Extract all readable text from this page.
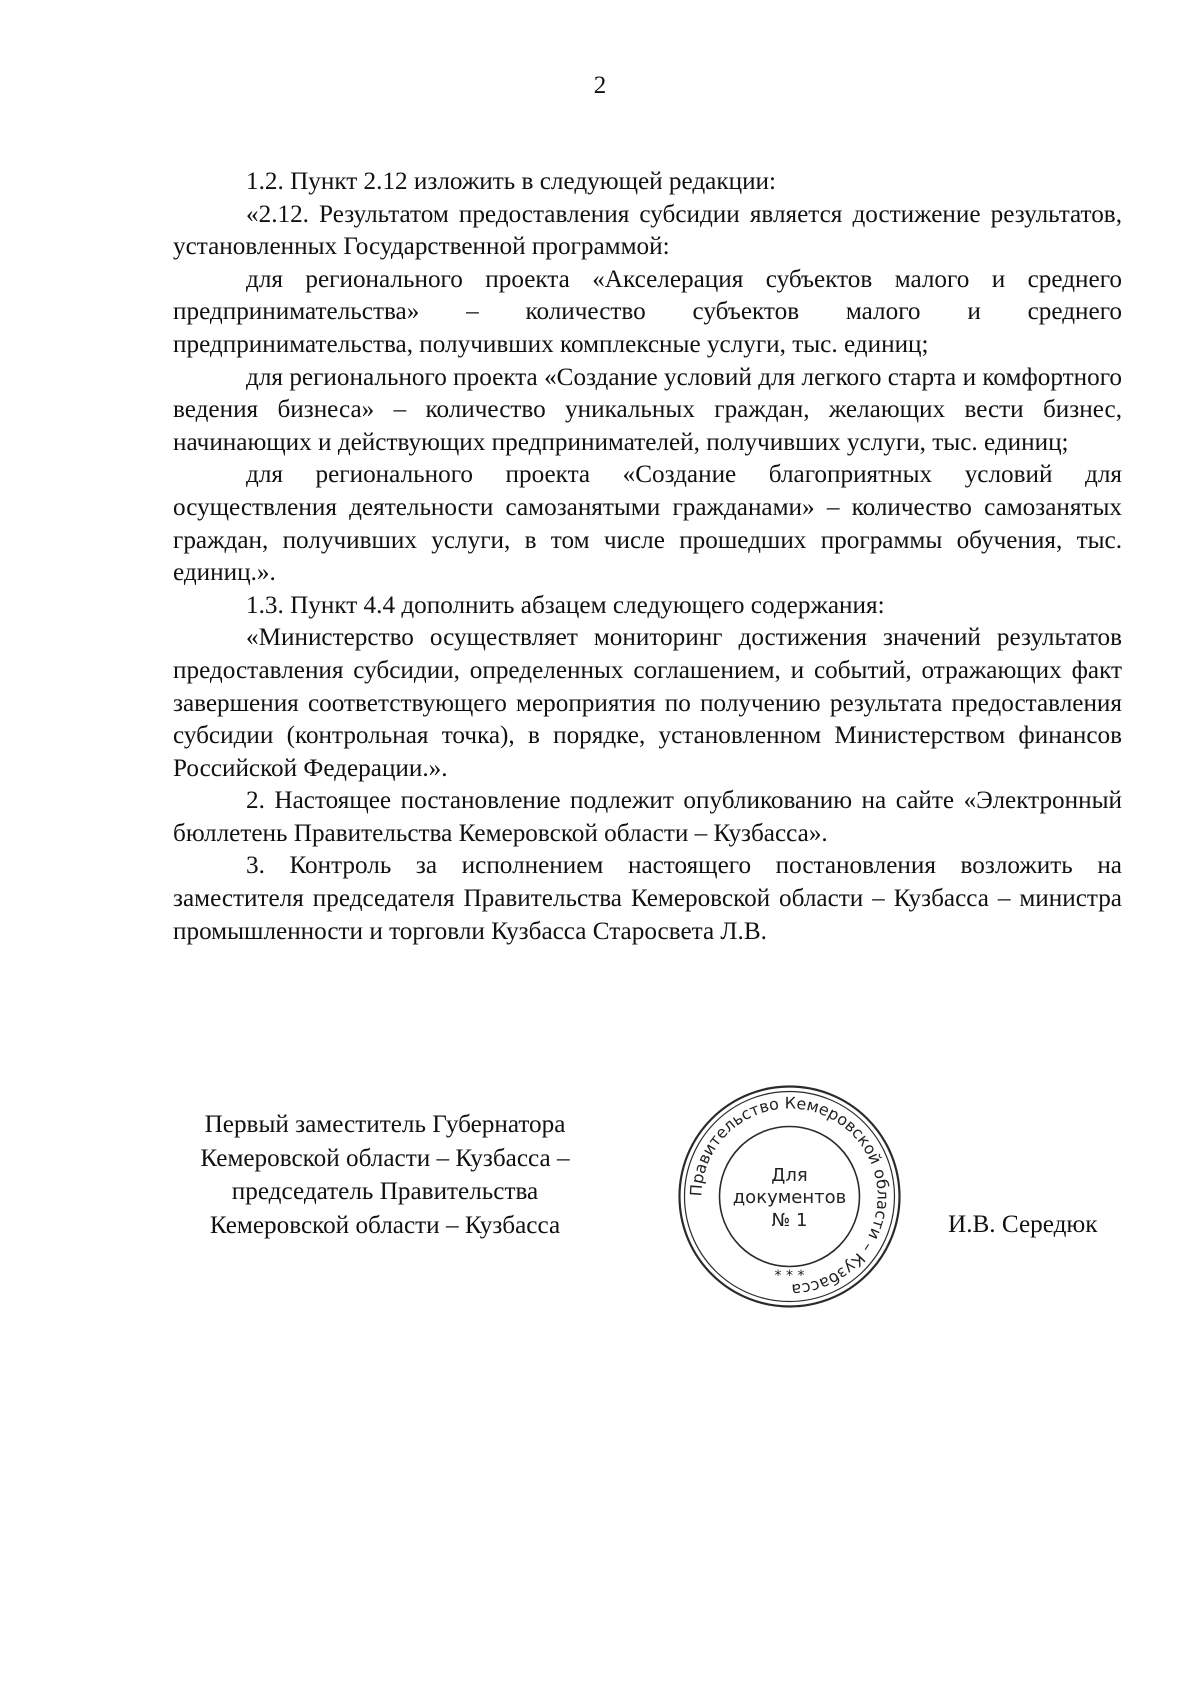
2

1.2. Пункт 2.12 изложить в следующей редакции:

«2.12. Результатом предоставления субсидии является достижение результатов, установленных Государственной программой:

для регионального проекта «Акселерация субъектов малого и среднего предпринимательства» – количество субъектов малого и среднего предпринимательства, получивших комплексные услуги, тыс. единиц;

для регионального проекта «Создание условий для легкого старта и комфортного ведения бизнеса» – количество уникальных граждан, желающих вести бизнес, начинающих и действующих предпринимателей, получивших услуги, тыс. единиц;

для регионального проекта «Создание благоприятных условий для осуществления деятельности самозанятыми гражданами» – количество самозанятых граждан, получивших услуги, в том числе прошедших программы обучения, тыс. единиц.».

1.3. Пункт 4.4 дополнить абзацем следующего содержания:

«Министерство осуществляет мониторинг достижения значений результатов предоставления субсидии, определенных соглашением, и событий, отражающих факт завершения соответствующего мероприятия по получению результата предоставления субсидии (контрольная точка), в порядке, установленном Министерством финансов Российской Федерации.».

2. Настоящее постановление подлежит опубликованию на сайте «Электронный бюллетень Правительства Кемеровской области – Кузбасса».

3. Контроль за исполнением настоящего постановления возложить на заместителя председателя Правительства Кемеровской области – Кузбасса – министра промышленности и торговли Кузбасса Старосвета Л.В.

Первый заместитель Губернатора
Кемеровской области – Кузбасса –
председатель Правительства
Кемеровской области – Кузбасса
Правительство Кемеровской области – Кузбасса
Для
документов
№ 1
* * *
И.В. Середюк
